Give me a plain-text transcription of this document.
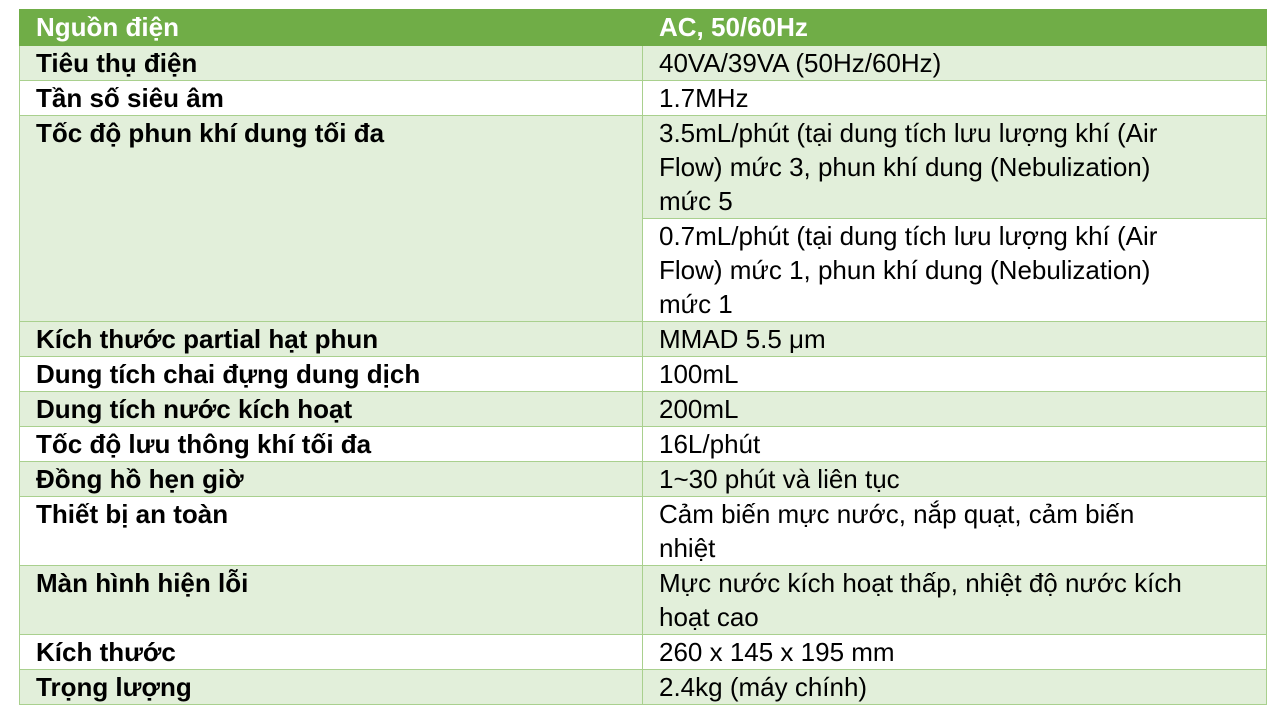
Nguồn điện	AC, 50/60Hz
Tiêu thụ điện	40VA/39VA (50Hz/60Hz)
Tần số siêu âm	1.7MHz
Tốc độ phun khí dung tối đa	3.5mL/phút (tại dung tích lưu lượng khí (Air
Flow) mức 3, phun khí dung (Nebulization)
mức 5
	0.7mL/phút (tại dung tích lưu lượng khí (Air
Flow) mức 1, phun khí dung (Nebulization)
mức 1
Kích thước partial hạt phun	MMAD 5.5 μm
Dung tích chai đựng dung dịch	100mL
Dung tích nước kích hoạt	200mL
Tốc độ lưu thông khí tối đa	16L/phút
Đồng hồ hẹn giờ	1~30 phút và liên tục
Thiết bị an toàn	Cảm biến mực nước, nắp quạt, cảm biến
nhiệt
Màn hình hiện lỗi	Mực nước kích hoạt thấp, nhiệt độ nước kích
hoạt cao
Kích thước	260 x 145 x 195 mm
Trọng lượng	2.4kg (máy chính)
